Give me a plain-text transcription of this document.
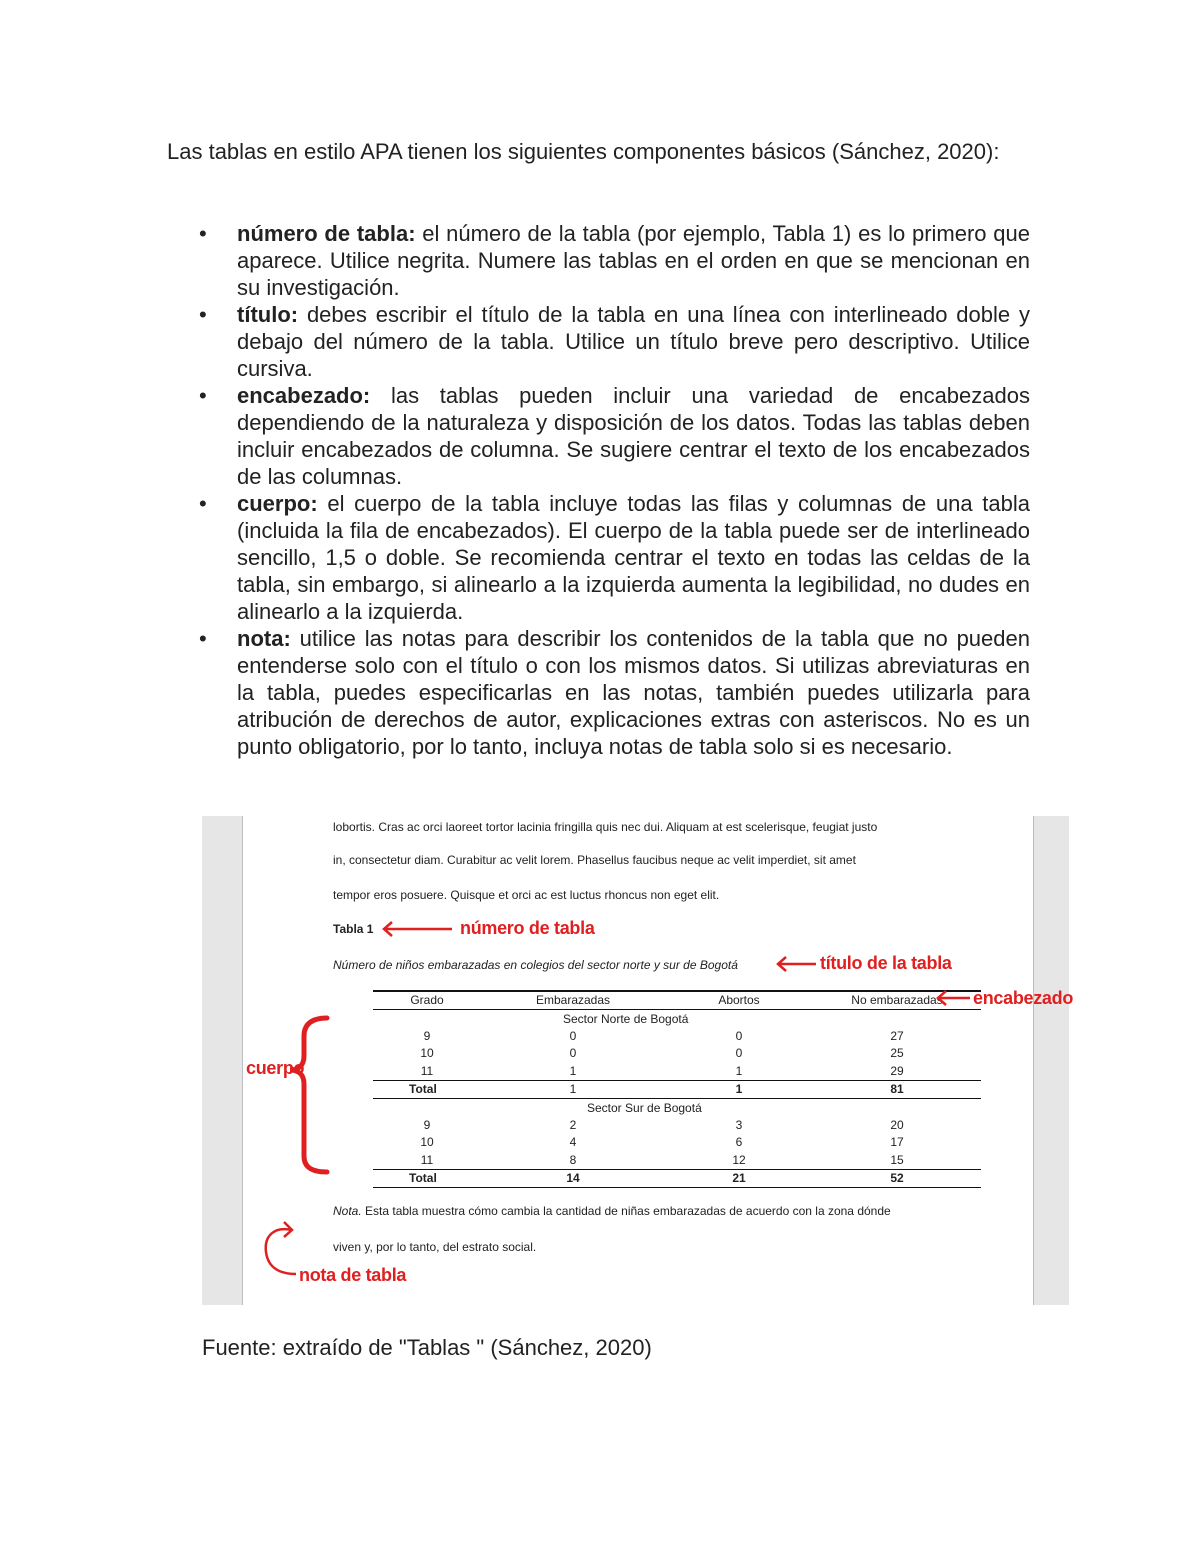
Las tablas en estilo APA tienen los siguientes componentes básicos (Sánchez, 2020):

• número de tabla: el número de la tabla (por ejemplo, Tabla 1) es lo primero que aparece. Utilice negrita. Numere las tablas en el orden en que se mencionan en su investigación.
• título: debes escribir el título de la tabla en una línea con interlineado doble y debajo del número de la tabla. Utilice un título breve pero descriptivo. Utilice cursiva.
• encabezado: las tablas pueden incluir una variedad de encabezados dependiendo de la naturaleza y disposición de los datos. Todas las tablas deben incluir encabezados de columna. Se sugiere centrar el texto de los encabezados de las columnas.
• cuerpo: el cuerpo de la tabla incluye todas las filas y columnas de una tabla (incluida la fila de encabezados). El cuerpo de la tabla puede ser de interlineado sencillo, 1,5 o doble. Se recomienda centrar el texto en todas las celdas de la tabla, sin embargo, si alinearlo a la izquierda aumenta la legibilidad, no dudes en alinearlo a la izquierda.
• nota: utilice las notas para describir los contenidos de la tabla que no pueden entenderse solo con el título o con los mismos datos. Si utilizas abreviaturas en la tabla, puedes especificarlas en las notas, también puedes utilizarla para atribución de derechos de autor, explicaciones extras con asteriscos. No es un punto obligatorio, por lo tanto, incluya notas de tabla solo si es necesario.
lobortis. Cras ac orci laoreet tortor lacinia fringilla quis nec dui. Aliquam at est scelerisque, feugiat justo
in, consectetur diam. Curabitur ac velit lorem. Phasellus faucibus neque ac velit imperdiet, sit amet
tempor eros posuere. Quisque et orci ac est luctus rhoncus non eget elit.
Tabla 1
Número de niños embarazadas en colegios del sector norte y sur de Bogotá
Grado	Embarazadas	Abortos	No embarazadas
	Sector Norte de Bogotá		
9	0	0	27
10	0	0	25
11	1	1	29
Total	1	1	81
	Sector Sur de Bogotá		
9	2	3	20
10	4	6	17
11	8	12	15
Total	14	21	52
Nota. Esta tabla muestra cómo cambia la cantidad de niñas embarazadas de acuerdo con la zona dónde
viven y, por lo tanto, del estrato social.
número de tabla
título de la tabla
encabezado
cuerpo
nota de tabla

Fuente: extraído de "Tablas " (Sánchez, 2020)
